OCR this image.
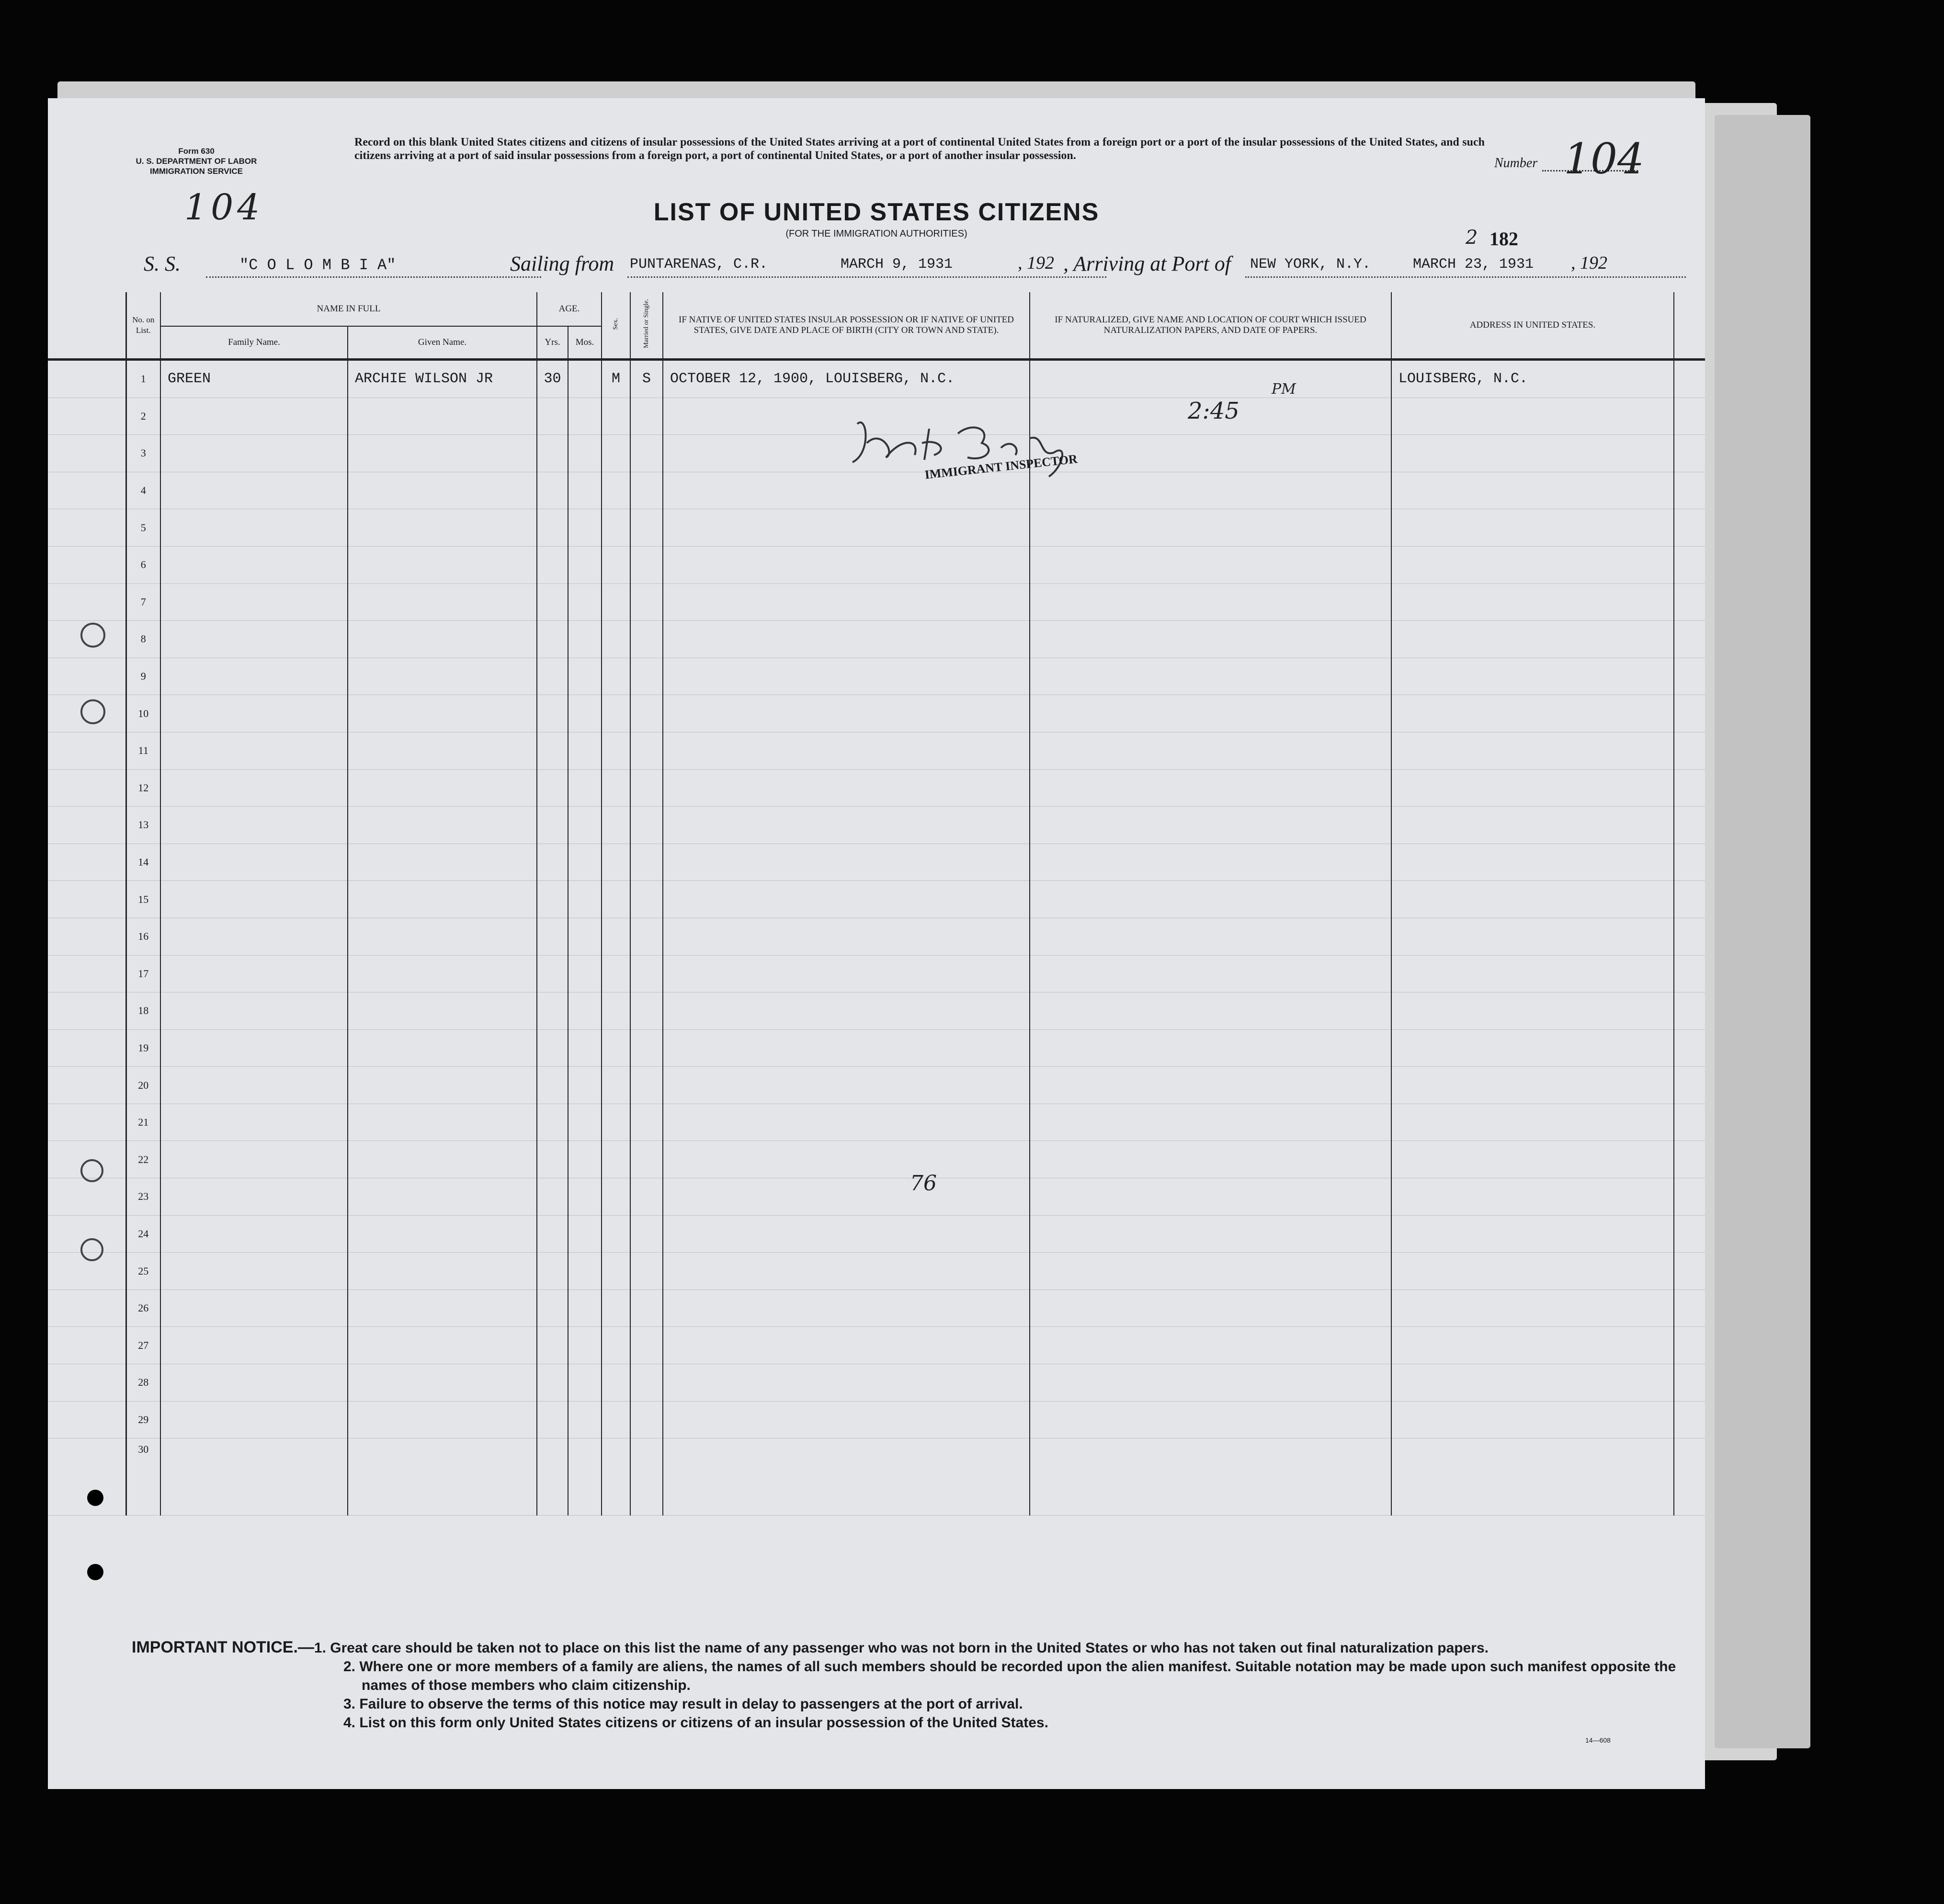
Form 630
U. S. DEPARTMENT OF LABOR
IMMIGRATION SERVICE
Record on this blank United States citizens and citizens of insular possessions of the United States arriving at a port of continental United States from a foreign port or a port of the insular possessions of the United States, and such citizens arriving at a port of said insular possessions from a foreign port, a port of continental United States, or a port of another insular possession.	Number 104
104	LIST OF UNITED STATES CITIZENS
(FOR THE IMMIGRATION AUTHORITIES)
S. S.	"C O L O M B I A"	Sailing from PUNTARENAS, C.R.	MARCH 9, 1931	, 192 , Arriving at Port of NEW YORK, N.Y.	MARCH 23, 1931 , 192
2 182
	No. on List.	NAME IN FULL		AGE.		Sex.	Married or Single.	IF NATIVE OF UNITED STATES INSULAR POSSESSION OR IF NATIVE OF UNITED STATES, GIVE DATE AND PLACE OF BIRTH (CITY OR TOWN AND STATE).	IF NATURALIZED, GIVE NAME AND LOCATION OF COURT WHICH ISSUED NATURALIZATION PAPERS, AND DATE OF PAPERS.	ADDRESS IN UNITED STATES.	
		Family Name.	Given Name.	Yrs.	Mos.						
	1	GREEN	ARCHIE WILSON JR	30		M	S	OCTOBER 12, 1900, LOUISBERG, N.C.		LOUISBERG, N.C.	
	2										
	3										
	4										
	5										
	6										
	7										
	8										
	9										
	10										
	11										
	12										
	13										
	14										
	15										
	16										
	17										
	18										
	19										
	20										
	21										
	22										
	23										
	24										
	25										
	26										
	27										
	28										
	29										
	30										
IMMIGRANT INSPECTOR
2:45
PM
76
IMPORTANT NOTICE.—1. Great care should be taken not to place on this list the name of any passenger who was not born in the United States or who has not taken out final naturalization papers.
2. Where one or more members of a family are aliens, the names of all such members should be recorded upon the alien manifest. Suitable notation may be made upon such manifest opposite the names of those members who claim citizenship.
3. Failure to observe the terms of this notice may result in delay to passengers at the port of arrival.
4. List on this form only United States citizens or citizens of an insular possession of the United States.
14—608
